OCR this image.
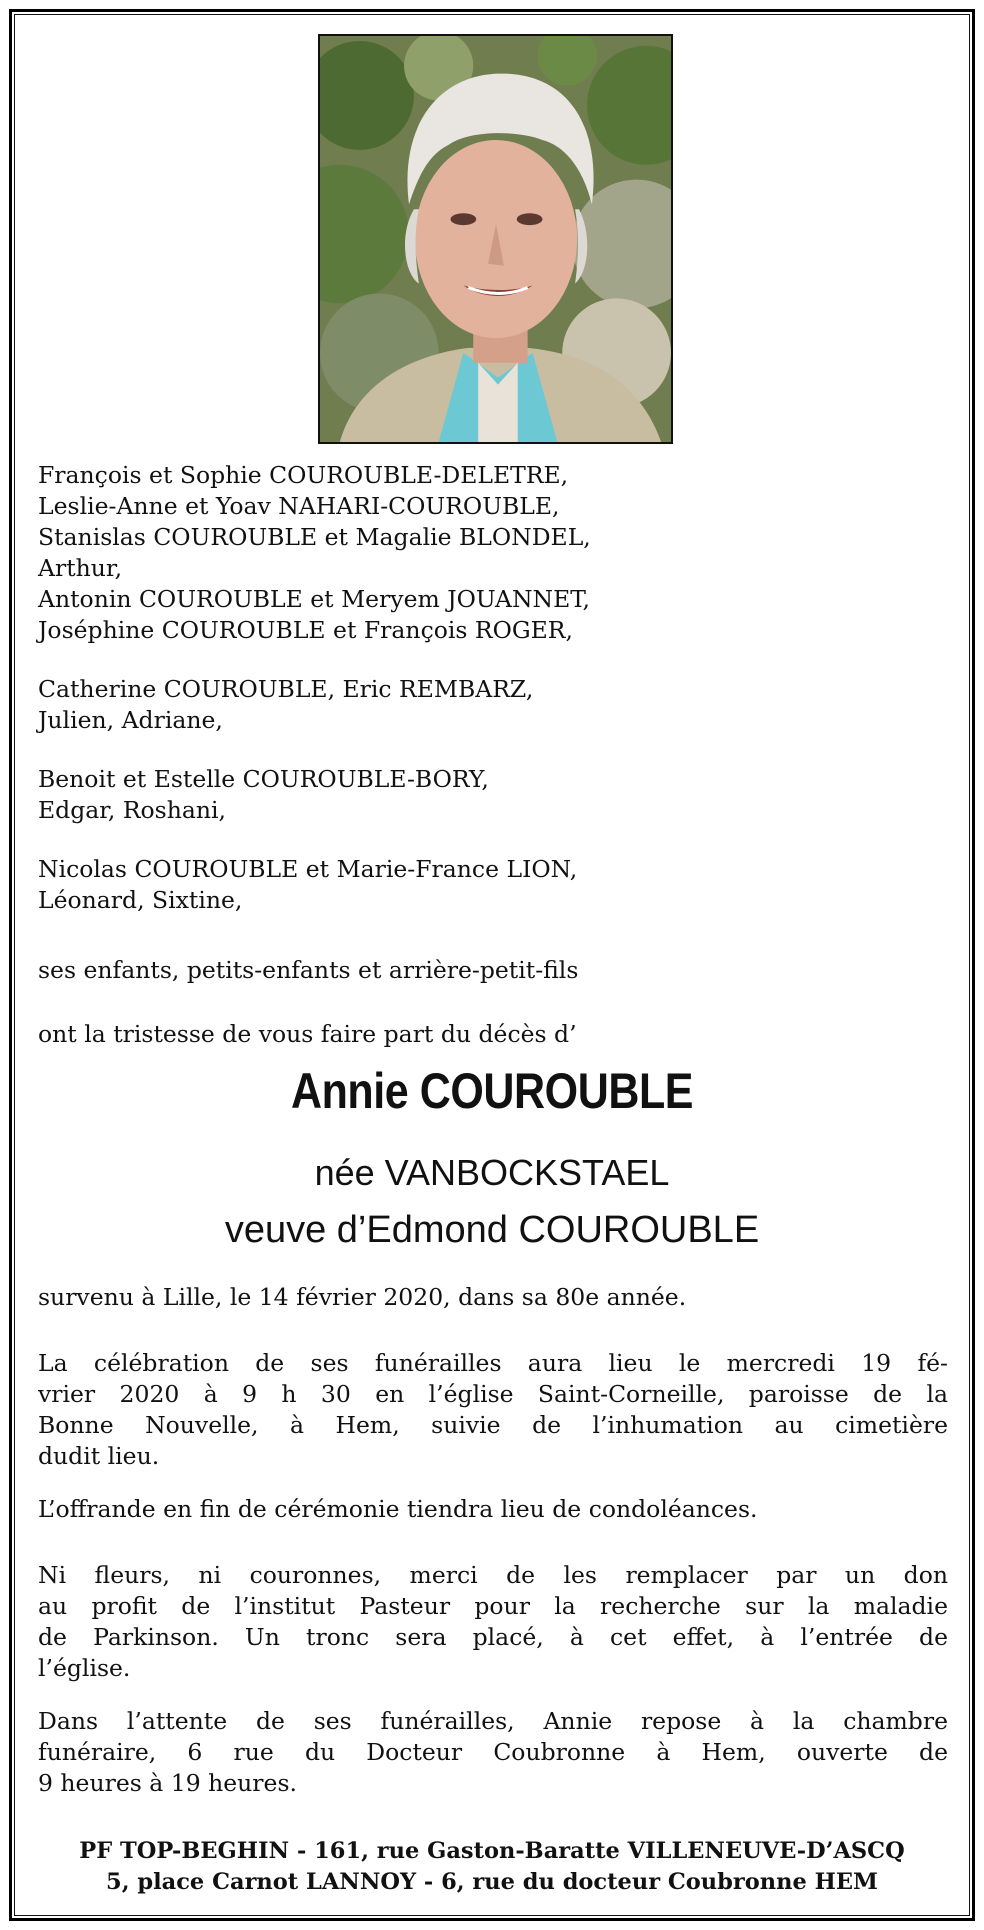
François et Sophie COUROUBLE-DELETRE,
Leslie-Anne et Yoav NAHARI-COUROUBLE,
Stanislas COUROUBLE et Magalie BLONDEL,
Arthur,
Antonin COUROUBLE et Meryem JOUANNET,
Joséphine COUROUBLE et François ROGER,
Catherine COUROUBLE, Eric REMBARZ,
Julien, Adriane,
Benoit et Estelle COUROUBLE-BORY,
Edgar, Roshani,
Nicolas COUROUBLE et Marie-France LION,
Léonard, Sixtine,
ses enfants, petits-enfants et arrière-petit-fils
ont la tristesse de vous faire part du décès d’
Annie COUROUBLE
née VANBOCKSTAEL
veuve d’Edmond COUROUBLE
survenu à Lille, le 14 février 2020, dans sa 80e année.
La célébration de ses funérailles aura lieu le mercredi 19 fé-
vrier 2020 à 9 h 30 en l’église Saint-Corneille, paroisse de la
Bonne Nouvelle, à Hem, suivie de l’inhumation au cimetière
dudit lieu.
L’offrande en fin de cérémonie tiendra lieu de condoléances.
Ni fleurs, ni couronnes, merci de les remplacer par un don
au profit de l’institut Pasteur pour la recherche sur la maladie
de Parkinson. Un tronc sera placé, à cet effet, à l’entrée de
l’église.
Dans l’attente de ses funérailles, Annie repose à la chambre
funéraire, 6 rue du Docteur Coubronne à Hem, ouverte de
9 heures à 19 heures.
PF TOP-BEGHIN - 161, rue Gaston-Baratte VILLENEUVE-D’ASCQ
5, place Carnot LANNOY - 6, rue du docteur Coubronne HEM
